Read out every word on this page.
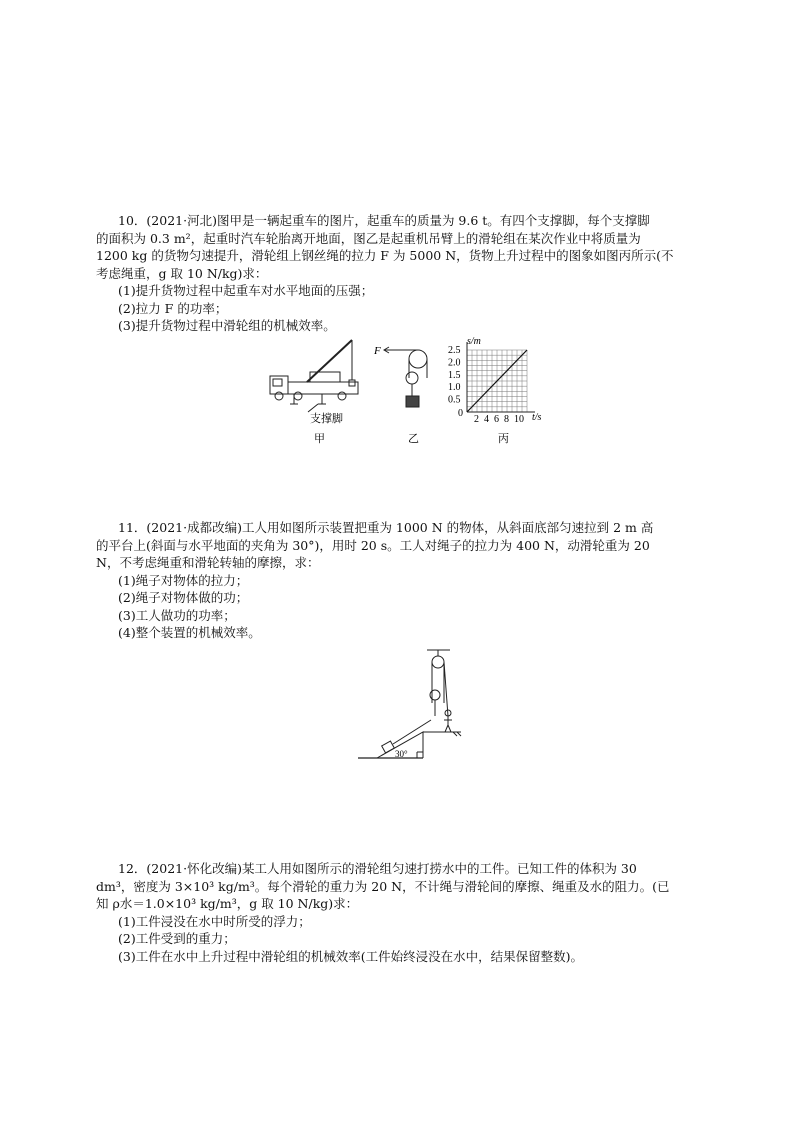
10．(2021·河北)图甲是一辆起重车的图片，起重车的质量为 9.6 t。有四个支撑脚，每个支撑脚

的面积为 0.3 m²，起重时汽车轮胎离开地面，图乙是起重机吊臂上的滑轮组在某次作业中将质量为

1200 kg 的货物匀速提升，滑轮组上钢丝绳的拉力 F 为 5000 N，货物上升过程中的图象如图丙所示(不

考虑绳重，g 取 10 N/kg)求：

(1)提升货物过程中起重车对水平地面的压强；

(2)拉力 F 的功率；

(3)提升货物过程中滑轮组的机械效率。

支撑脚
甲
F
乙
0.5
1.0
1.5
2.0
2.5
2 4 6 8 10
s/m
t/s
0
丙

11．(2021·成都改编)工人用如图所示装置把重为 1000 N 的物体，从斜面底部匀速拉到 2 m 高

的平台上(斜面与水平地面的夹角为 30°)，用时 20 s。工人对绳子的拉力为 400 N，动滑轮重为 20

N，不考虑绳重和滑轮转轴的摩擦，求：

(1)绳子对物体的拉力；

(2)绳子对物体做的功；

(3)工人做功的功率；

(4)整个装置的机械效率。

30°

12．(2021·怀化改编)某工人用如图所示的滑轮组匀速打捞水中的工件。已知工件的体积为 30

dm³，密度为 3×10³ kg/m³。每个滑轮的重力为 20 N，不计绳与滑轮间的摩擦、绳重及水的阻力。(已

知 ρ水＝1.0×10³ kg/m³，g 取 10 N/kg)求：

(1)工件浸没在水中时所受的浮力；

(2)工件受到的重力；

(3)工件在水中上升过程中滑轮组的机械效率(工件始终浸没在水中，结果保留整数)。
